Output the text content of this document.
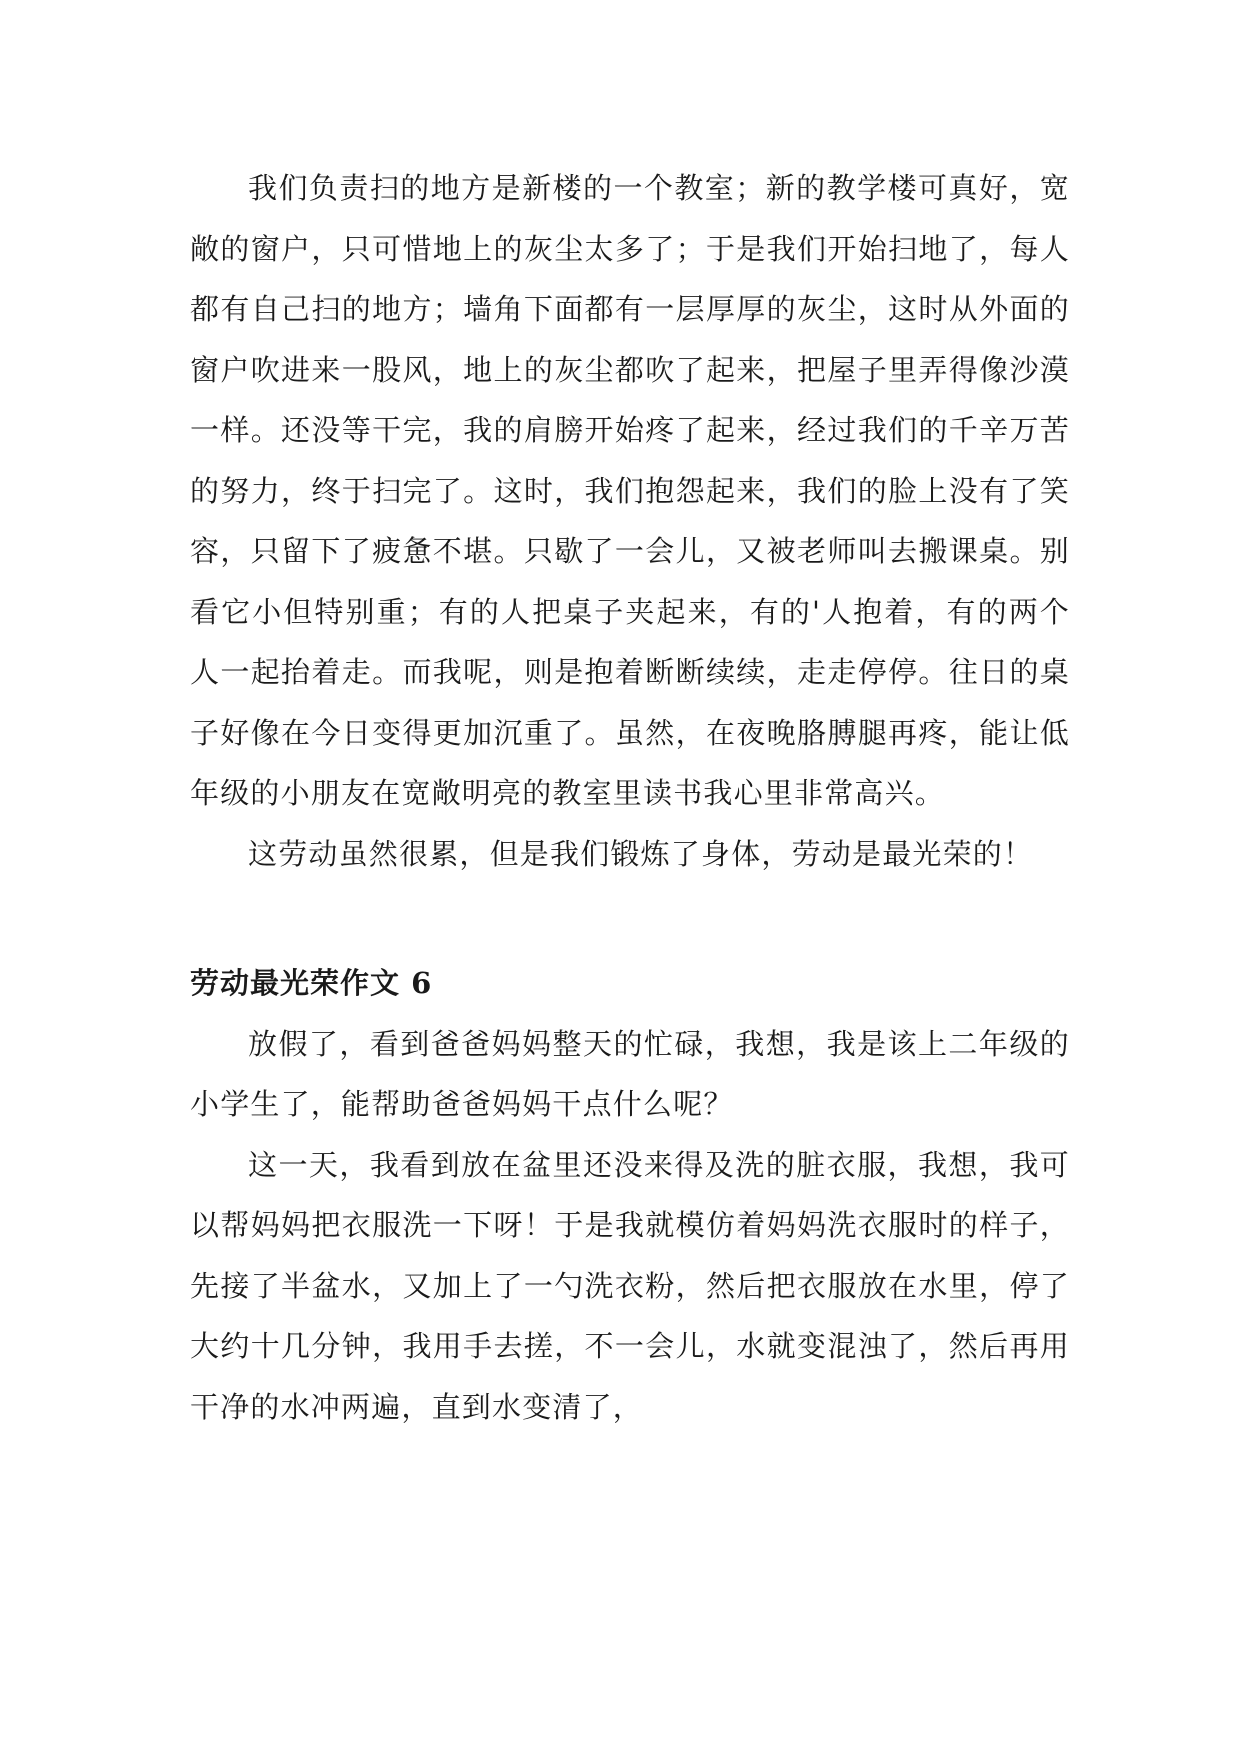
我们负责扫的地方是新楼的一个教室；新的教学楼可真好，宽敞的窗户，只可惜地上的灰尘太多了；于是我们开始扫地了，每人都有自己扫的地方；墙角下面都有一层厚厚的灰尘，这时从外面的窗户吹进来一股风，地上的灰尘都吹了起来，把屋子里弄得像沙漠一样。还没等干完，我的肩膀开始疼了起来，经过我们的千辛万苦的努力，终于扫完了。这时，我们抱怨起来，我们的脸上没有了笑容，只留下了疲惫不堪。只歇了一会儿，又被老师叫去搬课桌。别看它小但特别重；有的人把桌子夹起来，有的'人抱着，有的两个人一起抬着走。而我呢，则是抱着断断续续，走走停停。往日的桌子好像在今日变得更加沉重了。虽然，在夜晚胳膊腿再疼，能让低年级的小朋友在宽敞明亮的教室里读书我心里非常高兴。

这劳动虽然很累，但是我们锻炼了身体，劳动是最光荣的！

劳动最光荣作文 6

放假了，看到爸爸妈妈整天的忙碌，我想，我是该上二年级的小学生了，能帮助爸爸妈妈干点什么呢？

这一天，我看到放在盆里还没来得及洗的脏衣服，我想，我可以帮妈妈把衣服洗一下呀！于是我就模仿着妈妈洗衣服时的样子，先接了半盆水，又加上了一勺洗衣粉，然后把衣服放在水里，停了大约十几分钟，我用手去搓，不一会儿，水就变混浊了，然后再用干净的水冲两遍，直到水变清了，
